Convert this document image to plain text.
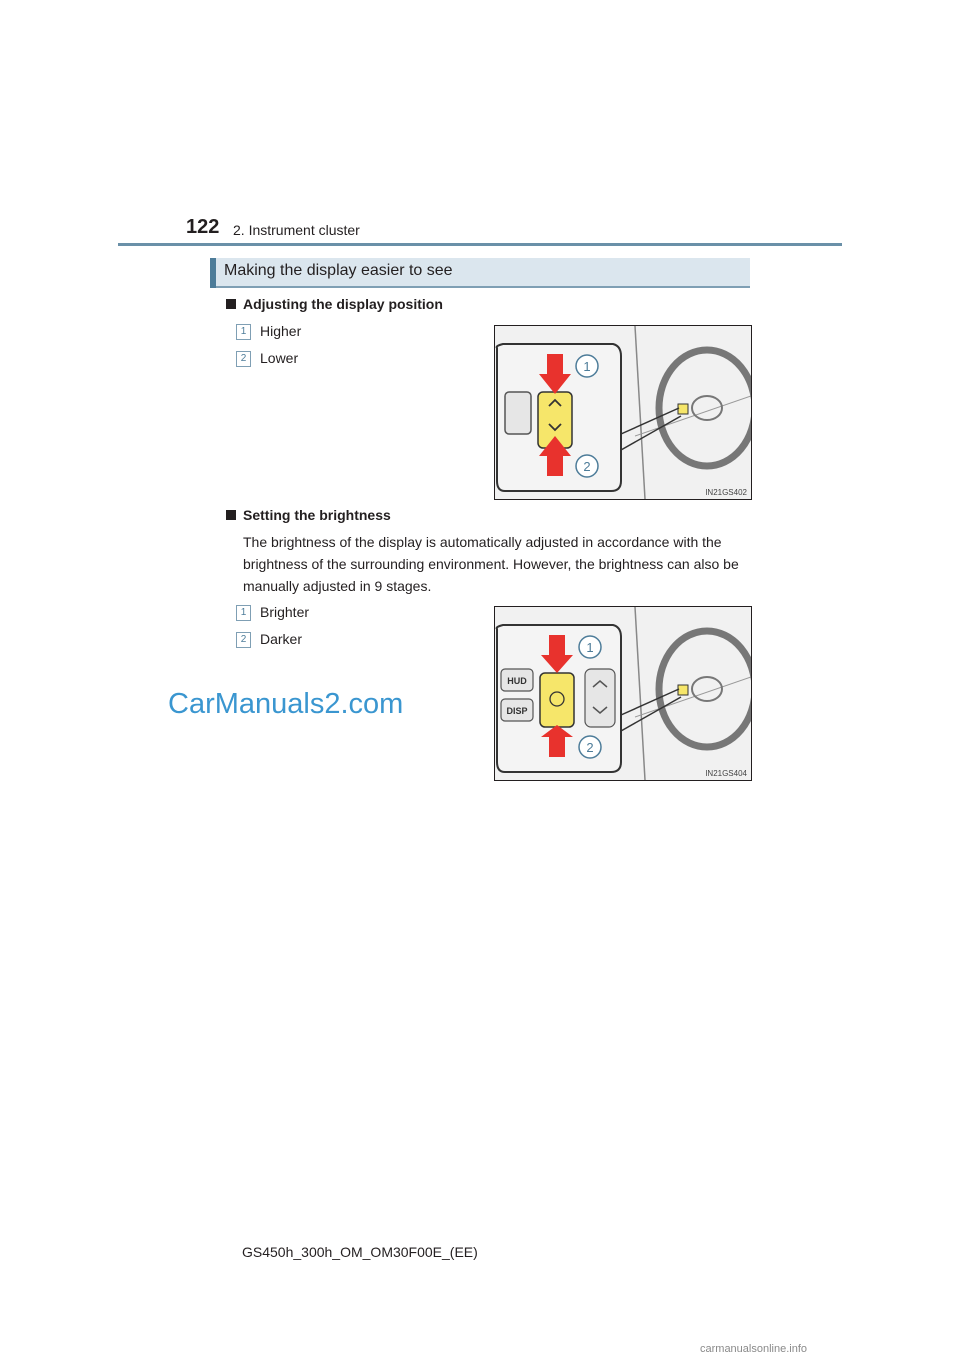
122 2. Instrument cluster
Making the display easier to see
Adjusting the display position
1 Higher
2 Lower
1
2
IN21GS402
Setting the brightness
The brightness of the display is automatically adjusted in accordance with the brightness of the surrounding environment. However, the brightness can also be manually adjusted in 9 stages.
1 Brighter
2 Darker
HUD
DISP
1
2
IN21GS404
CarManuals2.com
GS450h_300h_OM_OM30F00E_(EE)
carmanualsonline.info
